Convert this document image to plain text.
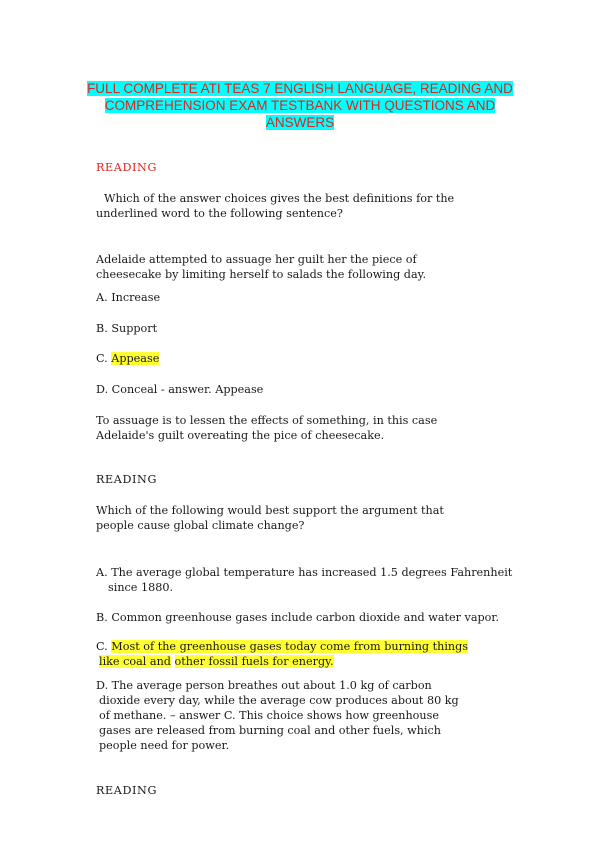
FULL COMPLETE ATI TEAS 7 ENGLISH LANGUAGE, READING AND
COMPREHENSION EXAM TESTBANK WITH QUESTIONS AND
ANSWERS
READING
Which of the answer choices gives the best definitions for the
underlined word to the following sentence?
Adelaide attempted to assuage her guilt her the piece of
cheesecake by limiting herself to salads the following day.
A. Increase
B. Support
C. Appease
D. Conceal - answer. Appease
To assuage is to lessen the effects of something, in this case
Adelaide's guilt overeating the pice of cheesecake.
READING
Which of the following would best support the argument that
people cause global climate change?
A. The average global temperature has increased 1.5 degrees Fahrenheit
since 1880.
B. Common greenhouse gases include carbon dioxide and water vapor.
C. Most of the greenhouse gases today come from burning things
like coal and other fossil fuels for energy.
D. The average person breathes out about 1.0 kg of carbon
dioxide every day, while the average cow produces about 80 kg
of methane. – answer C. This choice shows how greenhouse
gases are released from burning coal and other fuels, which
people need for power.
READING
